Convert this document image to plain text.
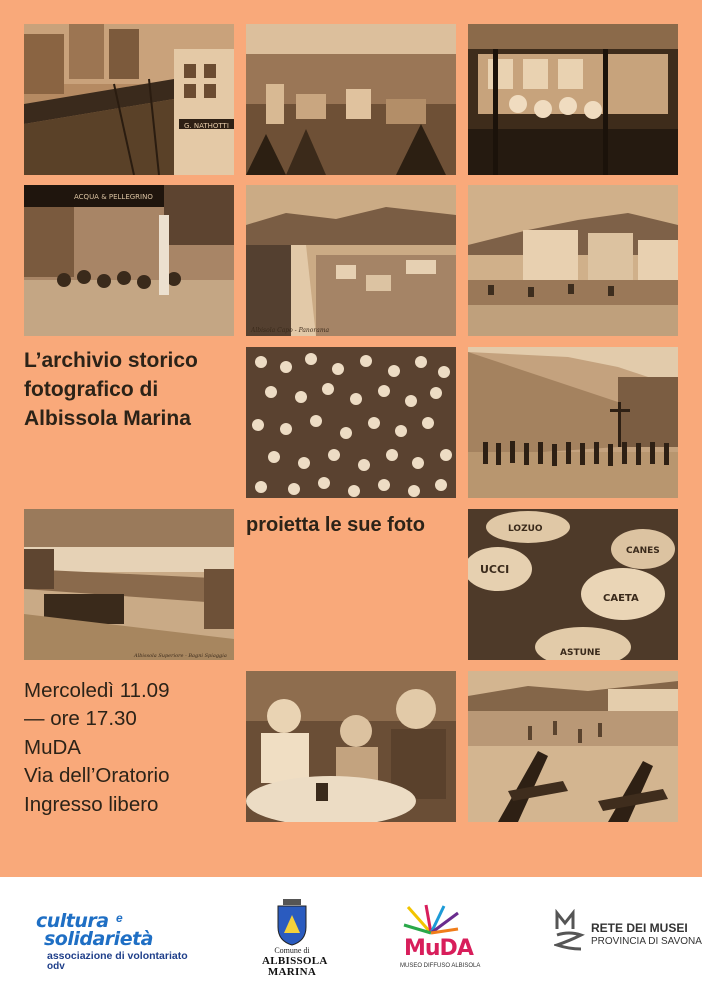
G. NATHOTTI
ACQUA & PELLEGRINO
Albisola Capo - Panorama
L’archivio storico
fotografico di
Albissola Marina
Albissola Superiore - Bagni Spiaggia
proietta le sue foto	LOZUO
UCCI
CANES
CAETA
ASTUNE
Mercoledì 11.09
— ore 17.30
MuDA
Via dell’Oratorio
Ingresso libero
cultura e
solidarietà
associazione di volontariato
odv
Comune di
ALBISSOLA
MARINA
MuDA
MUSEO DIFFUSO ALBISOLA
RETE DEI MUSEI
PROVINCIA DI SAVONA
